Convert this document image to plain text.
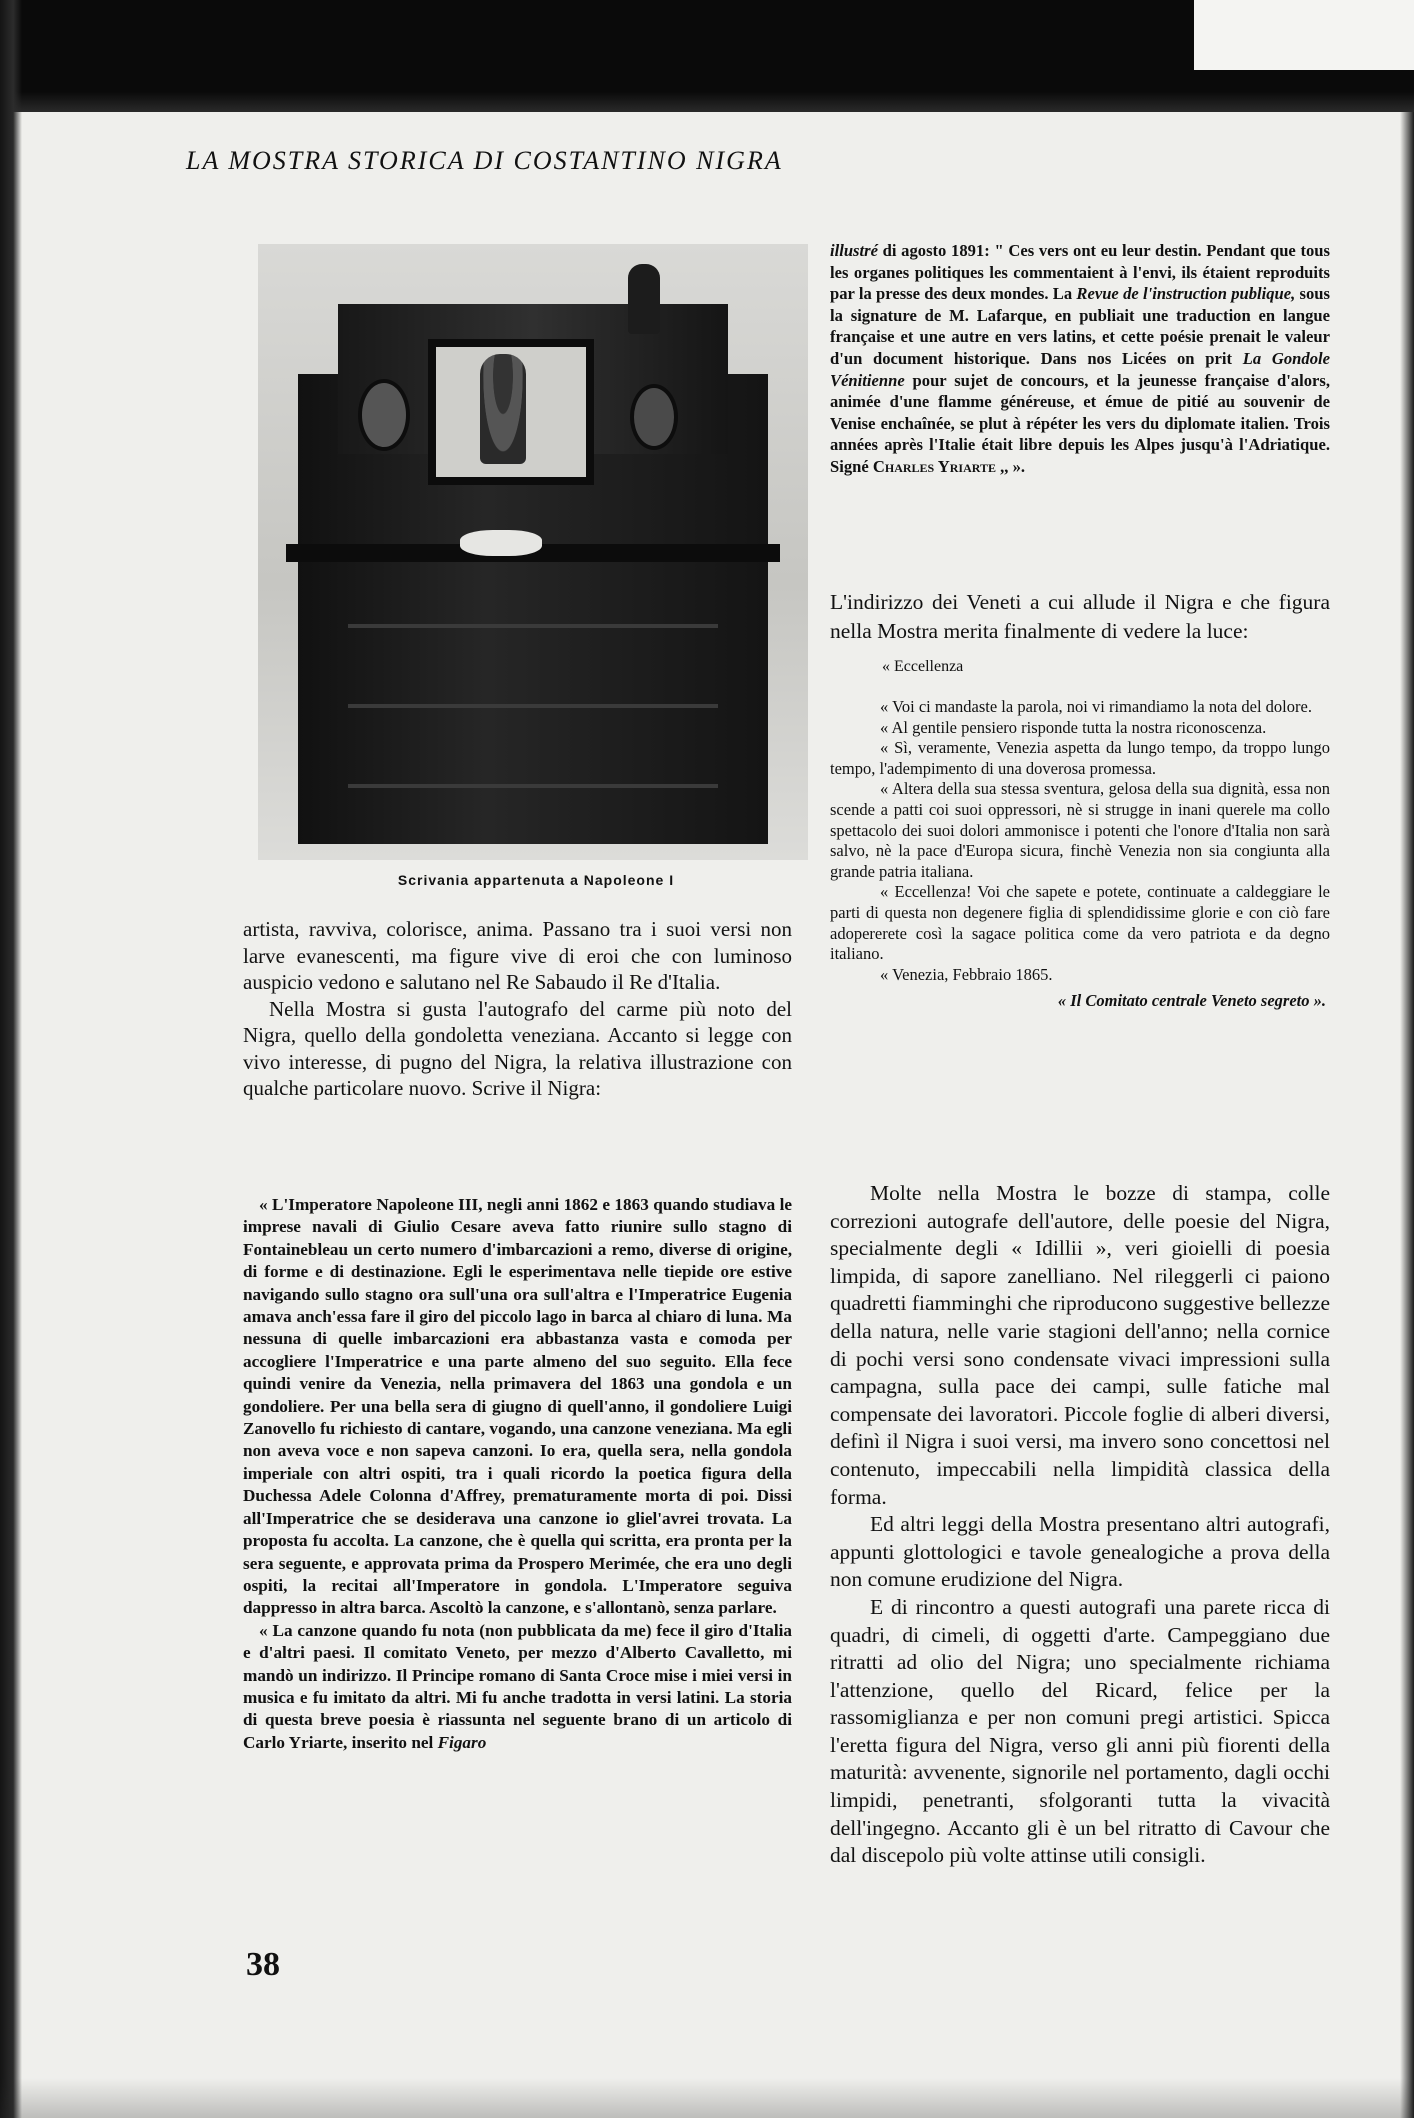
LA MOSTRA STORICA DI COSTANTINO NIGRA
Scrivania appartenuta a Napoleone I

artista, ravviva, colorisce, anima. Passano tra i suoi versi non larve evanescenti, ma figure vive di eroi che con luminoso auspicio vedono e salutano nel Re Sabaudo il Re d'Italia.

Nella Mostra si gusta l'autografo del carme più noto del Nigra, quello della gondoletta veneziana. Accanto si legge con vivo interesse, di pugno del Nigra, la relativa illustrazione con qualche particolare nuovo. Scrive il Nigra:

« L'Imperatore Napoleone III, negli anni 1862 e 1863 quando studiava le imprese navali di Giulio Cesare aveva fatto riunire sullo stagno di Fontainebleau un certo numero d'imbarcazioni a remo, diverse di origine, di forme e di destinazione. Egli le esperimentava nelle tiepide ore estive navigando sullo stagno ora sull'una ora sull'altra e l'Imperatrice Eugenia amava anch'essa fare il giro del piccolo lago in barca al chiaro di luna. Ma nessuna di quelle imbarcazioni era abbastanza vasta e comoda per accogliere l'Imperatrice e una parte almeno del suo seguito. Ella fece quindi venire da Venezia, nella primavera del 1863 una gondola e un gondoliere. Per una bella sera di giugno di quell'anno, il gondoliere Luigi Zanovello fu richiesto di cantare, vogando, una canzone veneziana. Ma egli non aveva voce e non sapeva canzoni. Io era, quella sera, nella gondola imperiale con altri ospiti, tra i quali ricordo la poetica figura della Duchessa Adele Colonna d'Affrey, prematuramente morta di poi. Dissi all'Imperatrice che se desiderava una canzone io gliel'avrei trovata. La proposta fu accolta. La canzone, che è quella qui scritta, era pronta per la sera seguente, e approvata prima da Prospero Merimée, che era uno degli ospiti, la recitai all'Imperatore in gondola. L'Imperatore seguiva dappresso in altra barca. Ascoltò la canzone, e s'allontanò, senza parlare.

« La canzone quando fu nota (non pubblicata da me) fece il giro d'Italia e d'altri paesi. Il comitato Veneto, per mezzo d'Alberto Cavalletto, mi mandò un indirizzo. Il Principe romano di Santa Croce mise i miei versi in musica e fu imitato da altri. Mi fu anche tradotta in versi latini. La storia di questa breve poesia è riassunta nel seguente brano di un articolo di Carlo Yriarte, inserito nel Figaro

illustré di agosto 1891: " Ces vers ont eu leur destin. Pendant que tous les organes politiques les commentaient à l'envi, ils étaient reproduits par la presse des deux mondes. La Revue de l'instruction publique, sous la signature de M. Lafarque, en publiait une traduction en langue française et une autre en vers latins, et cette poésie prenait le valeur d'un document historique. Dans nos Licées on prit La Gondole Vénitienne pour sujet de concours, et la jeunesse française d'alors, animée d'une flamme généreuse, et émue de pitié au souvenir de Venise enchaînée, se plut à répéter les vers du diplomate italien. Trois années après l'Italie était libre depuis les Alpes jusqu'à l'Adriatique. Signé Charles Yriarte ,, ».

L'indirizzo dei Veneti a cui allude il Nigra e che figura nella Mostra merita finalmente di vedere la luce:

« Eccellenza

« Voi ci mandaste la parola, noi vi rimandiamo la nota del dolore.

« Al gentile pensiero risponde tutta la nostra riconoscenza.

« Sì, veramente, Venezia aspetta da lungo tempo, da troppo lungo tempo, l'adempimento di una doverosa promessa.

« Altera della sua stessa sventura, gelosa della sua dignità, essa non scende a patti coi suoi oppressori, nè si strugge in inani querele ma collo spettacolo dei suoi dolori ammonisce i potenti che l'onore d'Italia non sarà salvo, nè la pace d'Europa sicura, finchè Venezia non sia congiunta alla grande patria italiana.

« Eccellenza! Voi che sapete e potete, continuate a caldeggiare le parti di questa non degenere figlia di splendidissime glorie e con ciò fare adopererete così la sagace politica come da vero patriota e da degno italiano.

« Venezia, Febbraio 1865.

« Il Comitato centrale Veneto segreto ».

Molte nella Mostra le bozze di stampa, colle correzioni autografe dell'autore, delle poesie del Nigra, specialmente degli « Idillii », veri gioielli di poesia limpida, di sapore zanelliano. Nel rileggerli ci paiono quadretti fiamminghi che riproducono suggestive bellezze della natura, nelle varie stagioni dell'anno; nella cornice di pochi versi sono condensate vivaci impressioni sulla campagna, sulla pace dei campi, sulle fatiche mal compensate dei lavoratori. Piccole foglie di alberi diversi, definì il Nigra i suoi versi, ma invero sono concettosi nel contenuto, impeccabili nella limpidità classica della forma.

Ed altri leggi della Mostra presentano altri autografi, appunti glottologici e tavole genealogiche a prova della non comune erudizione del Nigra.

E di rincontro a questi autografi una parete ricca di quadri, di cimeli, di oggetti d'arte. Campeggiano due ritratti ad olio del Nigra; uno specialmente richiama l'attenzione, quello del Ricard, felice per la rassomiglianza e per non comuni pregi artistici. Spicca l'eretta figura del Nigra, verso gli anni più fiorenti della maturità: avvenente, signorile nel portamento, dagli occhi limpidi, penetranti, sfolgoranti tutta la vivacità dell'ingegno. Accanto gli è un bel ritratto di Cavour che dal discepolo più volte attinse utili consigli.

38
